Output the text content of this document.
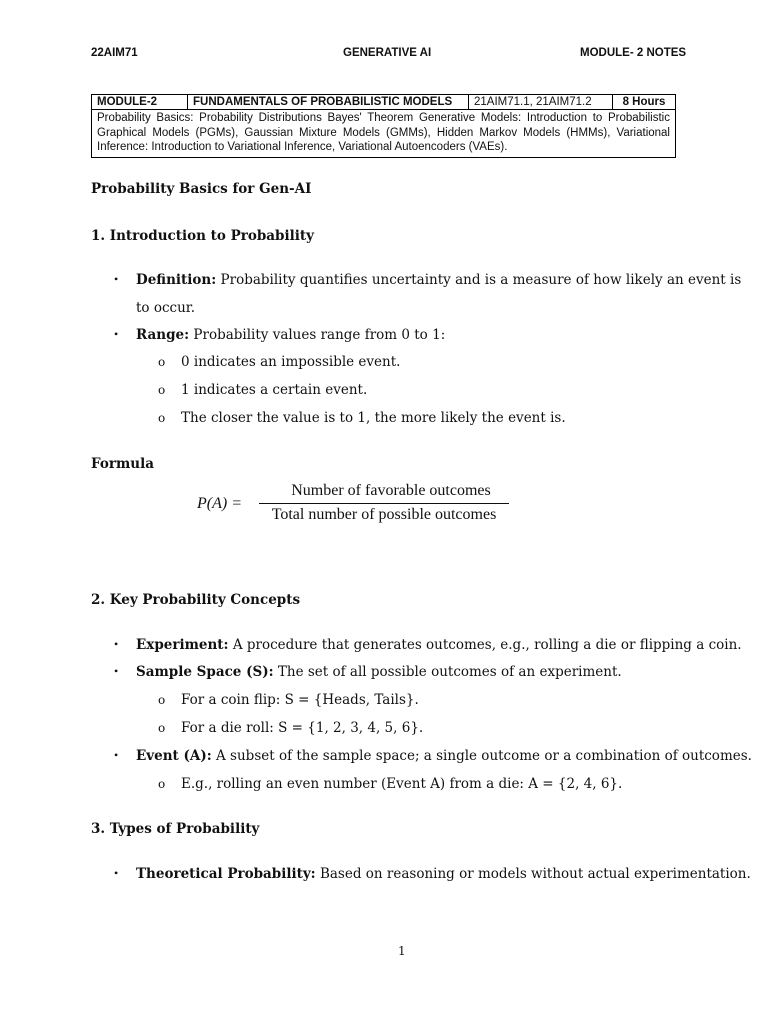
22AIM71	GENERATIVE AI	MODULE- 2 NOTES
MODULE-2	FUNDAMENTALS OF PROBABILISTIC MODELS	21AIM71.1, 21AIM71.2	8 Hours
Probability Basics: Probability Distributions Bayes' Theorem Generative Models: Introduction to Probabilistic Graphical Models (PGMs), Gaussian Mixture Models (GMMs), Hidden Markov Models (HMMs), Variational Inference: Introduction to Variational Inference, Variational Autoencoders (VAEs).
Probability Basics for Gen-AI
1. Introduction to Probability
• Definition: Probability quantifies uncertainty and is a measure of how likely an event is
to occur.
• Range: Probability values range from 0 to 1:
o 0 indicates an impossible event.
o 1 indicates a certain event.
o The closer the value is to 1, the more likely the event is.
Formula
P(A) =
Number of favorable outcomes
Total number of possible outcomes
2. Key Probability Concepts
• Experiment: A procedure that generates outcomes, e.g., rolling a die or flipping a coin.
• Sample Space (S): The set of all possible outcomes of an experiment.
o For a coin flip: S = {Heads, Tails}.
o For a die roll: S = {1, 2, 3, 4, 5, 6}.
• Event (A): A subset of the sample space; a single outcome or a combination of outcomes.
o E.g., rolling an even number (Event A) from a die: A = {2, 4, 6}.
3. Types of Probability
• Theoretical Probability: Based on reasoning or models without actual experimentation.
1
